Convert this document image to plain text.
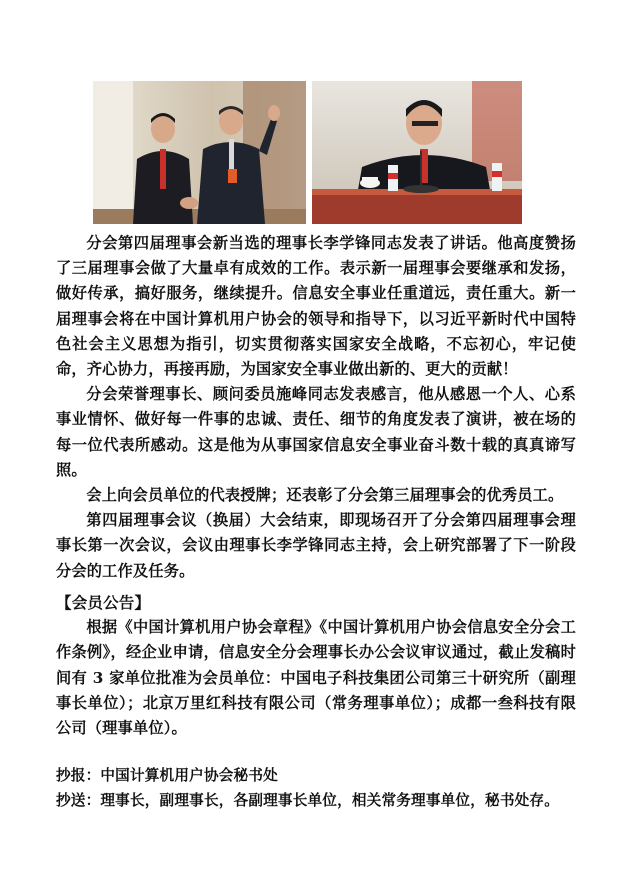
分会第四届理事会新当选的理事长李学锋同志发表了讲话。他高度赞扬了三届理事会做了大量卓有成效的工作。表示新一届理事会要继承和发扬，做好传承，搞好服务，继续提升。信息安全事业任重道远，责任重大。新一届理事会将在中国计算机用户协会的领导和指导下，以习近平新时代中国特色社会主义思想为指引，切实贯彻落实国家安全战略，不忘初心，牢记使命，齐心协力，再接再励，为国家安全事业做出新的、更大的贡献！

分会荣誉理事长、顾问委员施峰同志发表感言，他从感恩一个人、心系事业情怀、做好每一件事的忠诚、责任、细节的角度发表了演讲，被在场的每一位代表所感动。这是他为从事国家信息安全事业奋斗数十载的真真谛写照。

会上向会员单位的代表授牌；还表彰了分会第三届理事会的优秀员工。

第四届理事会议（换届）大会结束，即现场召开了分会第四届理事会理事长第一次会议，会议由理事长李学锋同志主持，会上研究部署了下一阶段分会的工作及任务。

【会员公告】

根据《中国计算机用户协会章程》《中国计算机用户协会信息安全分会工作条例》，经企业申请，信息安全分会理事长办公会议审议通过，截止发稿时间有 3 家单位批准为会员单位：中国电子科技集团公司第三十研究所（副理事长单位）；北京万里红科技有限公司（常务理事单位）；成都一叁科技有限公司（理事单位）。

抄报：中国计算机用户协会秘书处

抄送：理事长，副理事长，各副理事长单位，相关常务理事单位，秘书处存。
